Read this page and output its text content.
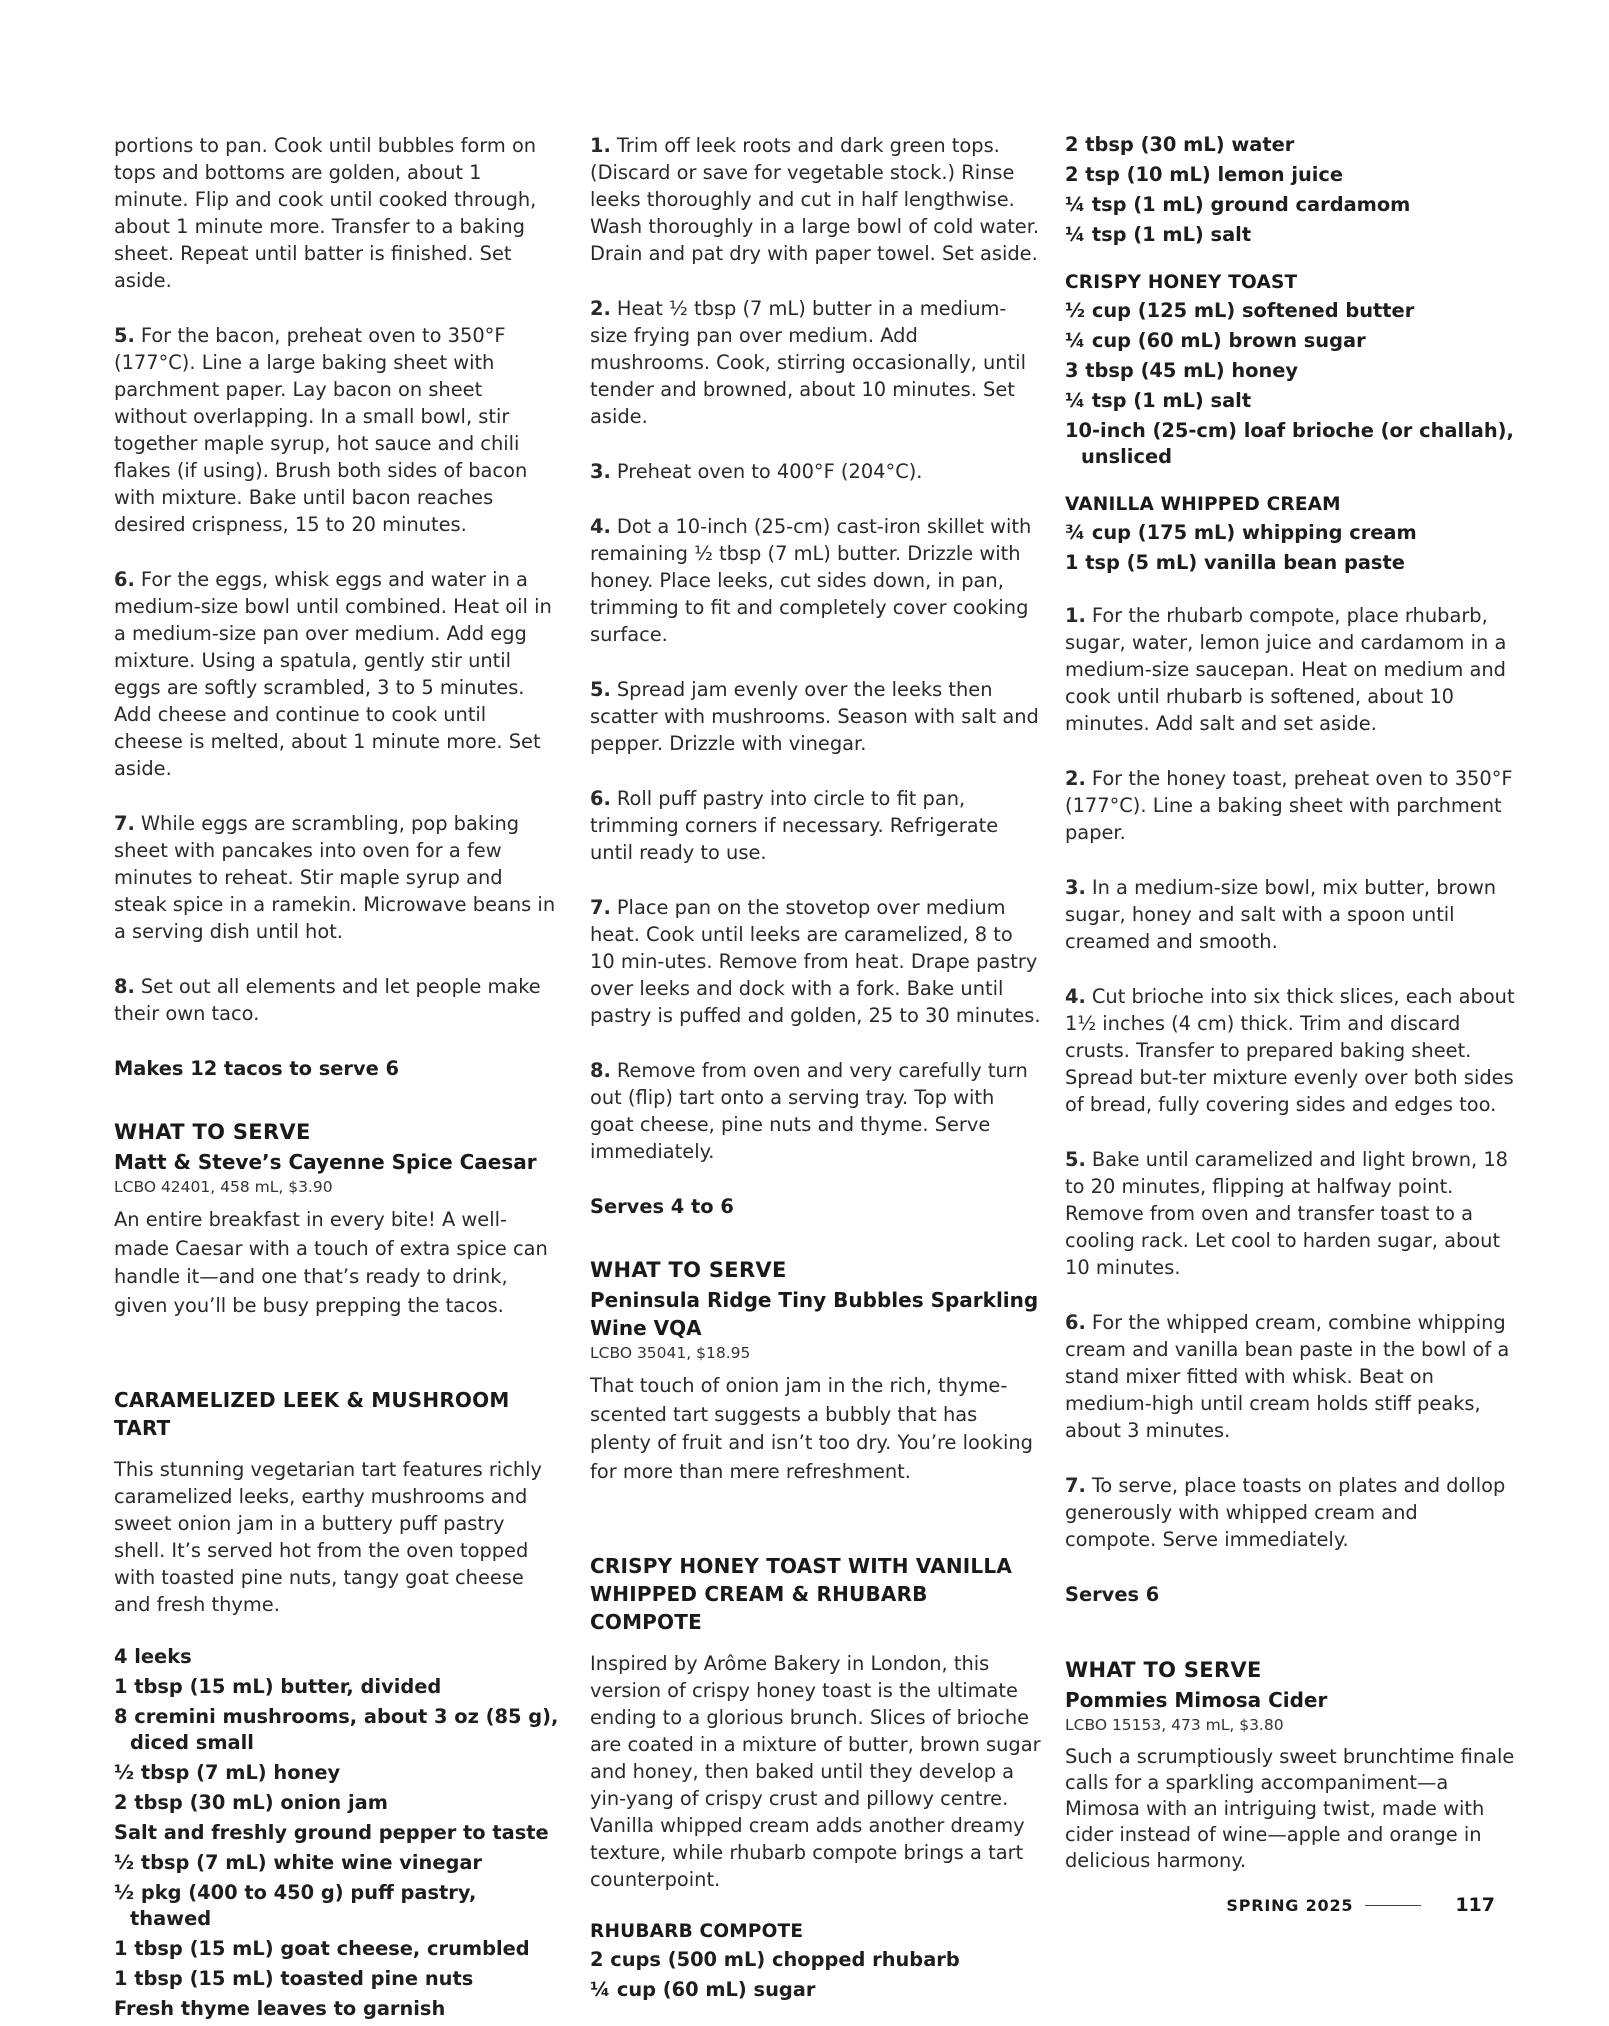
portions to pan. Cook until bubbles form on tops and bottoms are golden, about 1 minute. Flip and cook until cooked through, about 1 minute more. Transfer to a baking sheet. Repeat until batter is finished. Set aside.

5. For the bacon, preheat oven to 350°F (177°C). Line a large baking sheet with parchment paper. Lay bacon on sheet without overlapping. In a small bowl, stir together maple syrup, hot sauce and chili flakes (if using). Brush both sides of bacon with mixture. Bake until bacon reaches desired crispness, 15 to 20 minutes.

6. For the eggs, whisk eggs and water in a medium-size bowl until combined. Heat oil in a medium-size pan over medium. Add egg mixture. Using a spatula, gently stir until eggs are softly scrambled, 3 to 5 minutes. Add cheese and continue to cook until cheese is melted, about 1 minute more. Set aside.

7. While eggs are scrambling, pop baking sheet with pancakes into oven for a few minutes to reheat. Stir maple syrup and steak spice in a ramekin. Microwave beans in a serving dish until hot.

8. Set out all elements and let people make their own taco.

Makes 12 tacos to serve 6

WHAT TO SERVE

Matt & Steve’s Cayenne Spice Caesar

LCBO 42401, 458 mL, $3.90

An entire breakfast in every bite! A well-made Caesar with a touch of extra spice can handle it—and one that’s ready to drink, given you’ll be busy prepping the tacos.

CARAMELIZED LEEK & MUSHROOM TART

This stunning vegetarian tart features richly caramelized leeks, earthy mushrooms and sweet onion jam in a buttery puff pastry shell. It’s served hot from the oven topped with toasted pine nuts, tangy goat cheese and fresh thyme.

4 leeks

1 tbsp (15 mL) butter, divided

8 cremini mushrooms, about 3 oz (85 g), diced small

½ tbsp (7 mL) honey

2 tbsp (30 mL) onion jam

Salt and freshly ground pepper to taste

½ tbsp (7 mL) white wine vinegar

½ pkg (400 to 450 g) puff pastry, thawed

1 tbsp (15 mL) goat cheese, crumbled

1 tbsp (15 mL) toasted pine nuts

Fresh thyme leaves to garnish

1. Trim off leek roots and dark green tops. (Discard or save for vegetable stock.) Rinse leeks thoroughly and cut in half lengthwise. Wash thoroughly in a large bowl of cold water. Drain and pat dry with paper towel. Set aside.

2. Heat ½ tbsp (7 mL) butter in a medium-size frying pan over medium. Add mushrooms. Cook, stirring occasionally, until tender and browned, about 10 minutes. Set aside.

3. Preheat oven to 400°F (204°C).

4. Dot a 10-inch (25-cm) cast-iron skillet with remaining ½ tbsp (7 mL) butter. Drizzle with honey. Place leeks, cut sides down, in pan, trimming to fit and completely cover cooking surface.

5. Spread jam evenly over the leeks then scatter with mushrooms. Season with salt and pepper. Drizzle with vinegar.

6. Roll puff pastry into circle to fit pan, trimming corners if necessary. Refrigerate until ready to use.

7. Place pan on the stovetop over medium heat. Cook until leeks are caramelized, 8 to 10 min-utes. Remove from heat. Drape pastry over leeks and dock with a fork. Bake until pastry is puffed and golden, 25 to 30 minutes.

8. Remove from oven and very carefully turn out (flip) tart onto a serving tray. Top with goat cheese, pine nuts and thyme. Serve immediately.

Serves 4 to 6

WHAT TO SERVE

Peninsula Ridge Tiny Bubbles Sparkling Wine VQA

LCBO 35041, $18.95

That touch of onion jam in the rich, thyme-scented tart suggests a bubbly that has plenty of fruit and isn’t too dry. You’re looking for more than mere refreshment.

CRISPY HONEY TOAST WITH VANILLA WHIPPED CREAM & RHUBARB COMPOTE

Inspired by Arôme Bakery in London, this version of crispy honey toast is the ultimate ending to a glorious brunch. Slices of brioche are coated in a mixture of butter, brown sugar and honey, then baked until they develop a yin-yang of crispy crust and pillowy centre. Vanilla whipped cream adds another dreamy texture, while rhubarb compote brings a tart counterpoint.

RHUBARB COMPOTE

2 cups (500 mL) chopped rhubarb

¼ cup (60 mL) sugar

2 tbsp (30 mL) water

2 tsp (10 mL) lemon juice

¼ tsp (1 mL) ground cardamom

¼ tsp (1 mL) salt

CRISPY HONEY TOAST

½ cup (125 mL) softened butter

¼ cup (60 mL) brown sugar

3 tbsp (45 mL) honey

¼ tsp (1 mL) salt

10-inch (25-cm) loaf brioche (or challah), unsliced

VANILLA WHIPPED CREAM

¾ cup (175 mL) whipping cream

1 tsp (5 mL) vanilla bean paste

1. For the rhubarb compote, place rhubarb, sugar, water, lemon juice and cardamom in a medium-size saucepan. Heat on medium and cook until rhubarb is softened, about 10 minutes. Add salt and set aside.

2. For the honey toast, preheat oven to 350°F (177°C). Line a baking sheet with parchment paper.

3. In a medium-size bowl, mix butter, brown sugar, honey and salt with a spoon until creamed and smooth.

4. Cut brioche into six thick slices, each about 1½ inches (4 cm) thick. Trim and discard crusts. Transfer to prepared baking sheet. Spread but-ter mixture evenly over both sides of bread, fully covering sides and edges too.

5. Bake until caramelized and light brown, 18 to 20 minutes, flipping at halfway point. Remove from oven and transfer toast to a cooling rack. Let cool to harden sugar, about 10 minutes.

6. For the whipped cream, combine whipping cream and vanilla bean paste in the bowl of a stand mixer fitted with whisk. Beat on medium-high until cream holds stiff peaks, about 3 minutes.

7. To serve, place toasts on plates and dollop generously with whipped cream and compote. Serve immediately.

Serves 6

WHAT TO SERVE

Pommies Mimosa Cider

LCBO 15153, 473 mL, $3.80

Such a scrumptiously sweet brunchtime finale calls for a sparkling accompaniment—a Mimosa with an intriguing twist, made with cider instead of wine—apple and orange in delicious harmony.

SPRING 2025	117
